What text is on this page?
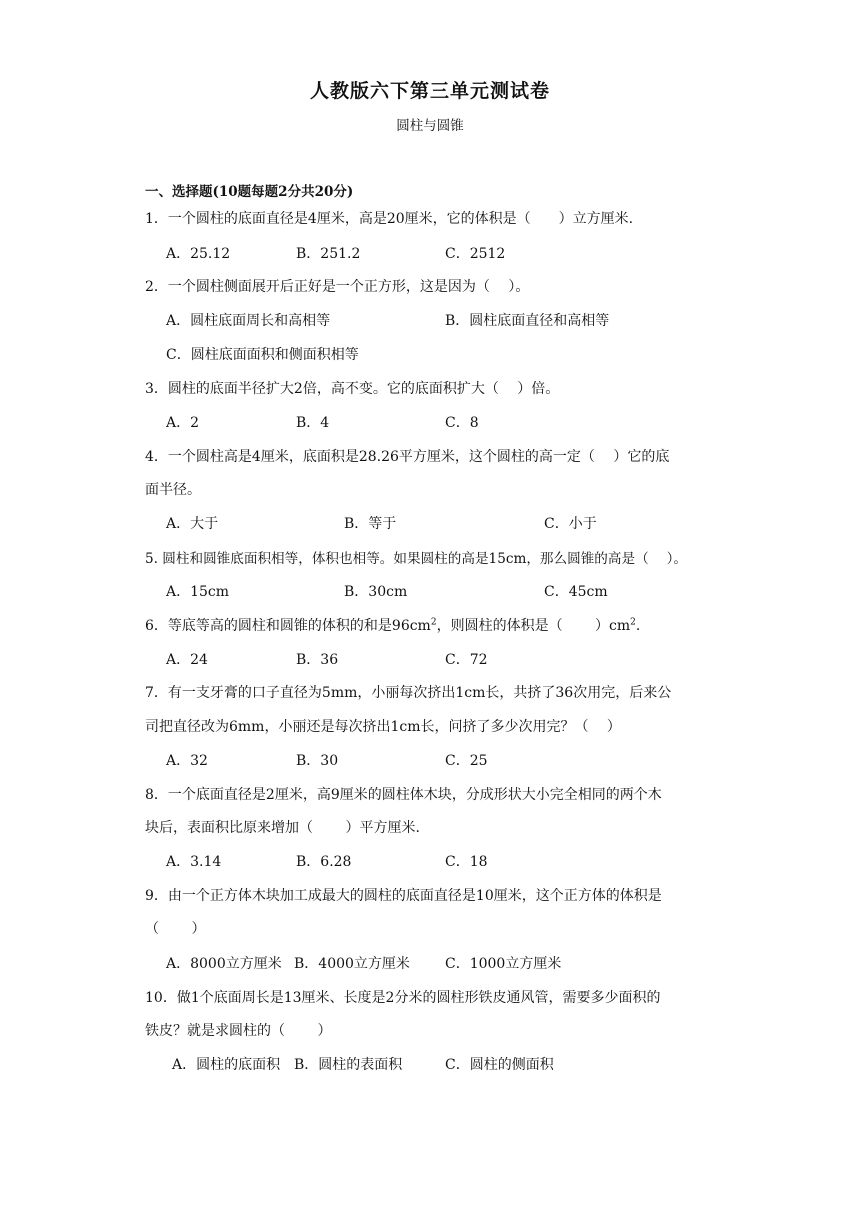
人教版六下第三单元测试卷
圆柱与圆锥
一、选择题(10题每题2分共20分)
1．一个圆柱的底面直径是4厘米，高是20厘米，它的体积是（　　）立方厘米.
A．25.12	B．251.2	C．2512
2．一个圆柱侧面展开后正好是一个正方形，这是因为（　 ）。
A．圆柱底面周长和高相等	B．圆柱底面直径和高相等
C．圆柱底面面积和侧面积相等
3．圆柱的底面半径扩大2倍，高不变。它的底面积扩大（　 ）倍。
A．2	B．4	C．8
4．一个圆柱高是4厘米，底面积是28.26平方厘米，这个圆柱的高一定（　 ）它的底
面半径。
A．大于	B．等于	C．小于
5. 圆柱和圆锥底面积相等，体积也相等。如果圆柱的高是15cm，那么圆锥的高是（　 ）。
A．15cm	B．30cm	C．45cm
6．等底等高的圆柱和圆锥的体积的和是$96cm^2$，则圆柱的体积是（　　 ）$cm^2$.
A．24	B．36	C．72
7．有一支牙膏的口子直径为5mm，小丽每次挤出1cm长，共挤了36次用完，后来公
司把直径改为6mm，小丽还是每次挤出1cm长，问挤了多少次用完？（　 ）
A．32	B．30	C．25
8．一个底面直径是2厘米，高9厘米的圆柱体木块，分成形状大小完全相同的两个木
块后，表面积比原来增加（　　 ）平方厘米.
A．3.14	B．6.28	C．18
9．由一个正方体木块加工成最大的圆柱的底面直径是10厘米，这个正方体的体积是
（　　 ）
A．8000立方厘米 B．4000立方厘米	C．1000立方厘米
10．做1个底面周长是13厘米、长度是2分米的圆柱形铁皮通风管，需要多少面积的
铁皮？就是求圆柱的（　　 ）
A．圆柱的底面积 B．圆柱的表面积	C．圆柱的侧面积
